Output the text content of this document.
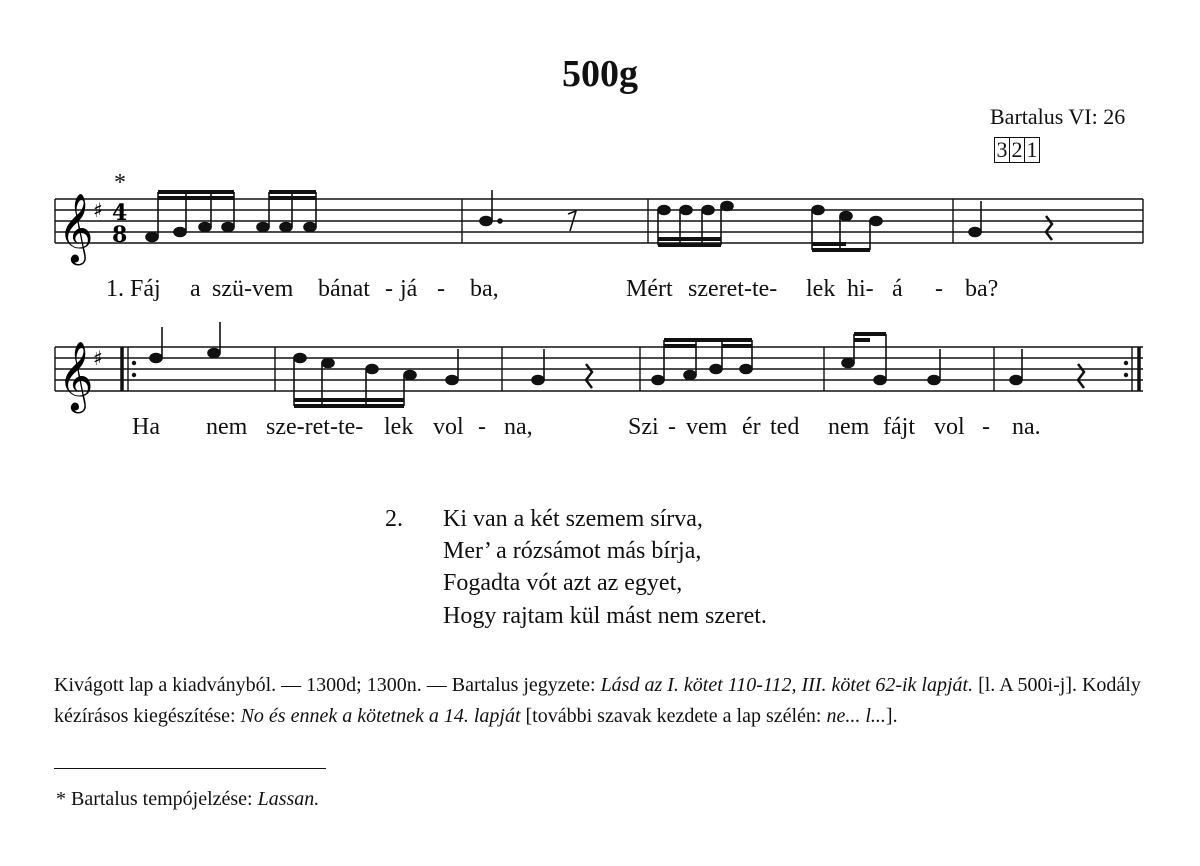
500g
Bartalus VI: 26
3 2 1
*
𝄞 ♯ 4
8
1. Fáj a szü-vem bánat - já - ba,	Mért szeret-te- lek hi- á - ba?
𝄞 ♯
Ha nem sze-ret-te- lek vol - na,	Szi - vem ér ted nem fájt vol - na.
2. Ki van a két szemem sírva,
Mer’ a rózsámot más bírja,
Fogadta vót azt az egyet,
Hogy rajtam kül mást nem szeret.
Kivágott lap a kiadványból. — 1300d; 1300n. — Bartalus jegyzete: Lásd az I. kötet 110-112, III. kötet 62-ik lapját. [l. A 500i-j]. Kodály kézírásos kiegészítése: No és ennek a kötetnek a 14. lapját [további szavak kezdete a lap szélén: ne... l...].
* Bartalus tempójelzése: Lassan.
